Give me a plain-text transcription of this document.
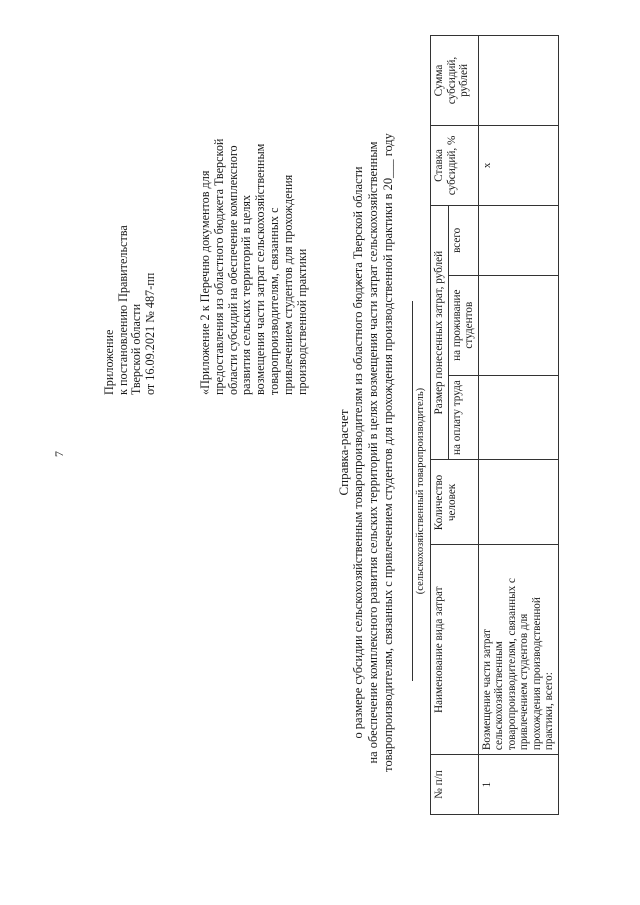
7
Приложение к постановлению Правительства Тверской области от 16.09.2021 № 487-пп	«Приложение 2 к Перечню документов для предоставления из областного бюджета Тверской области субсидий на обеспечение комплексного развития сельских территорий в целях возмещения части затрат сельскохозяйственным товаропроизводителям, связанных с привлечением студентов для прохождения производственной практики
Справка-расчет о размере субсидии сельскохозяйственным товаропроизводителям из областного бюджета Тверской области на обеспечение комплексного развития сельских территорий в целях возмещения части затрат сельскохозяйственным товаропроизводителям, связанных с привлечением студентов для прохождения производственной практики в 20___ году (сельскохозяйственный товаропроизводитель)
№ п/п	Наименование вида затрат	Количество человек	Размер понесенных затрат, рублей			Ставка субсидий, %	Сумма субсидий, рублей
			на оплату труда	на проживание студентов	всего		
1	Возмещение части затрат сельскохозяйственным товаропроизводителям, связанных с привлечением студентов для прохождения производственной практики, всего:					x	
